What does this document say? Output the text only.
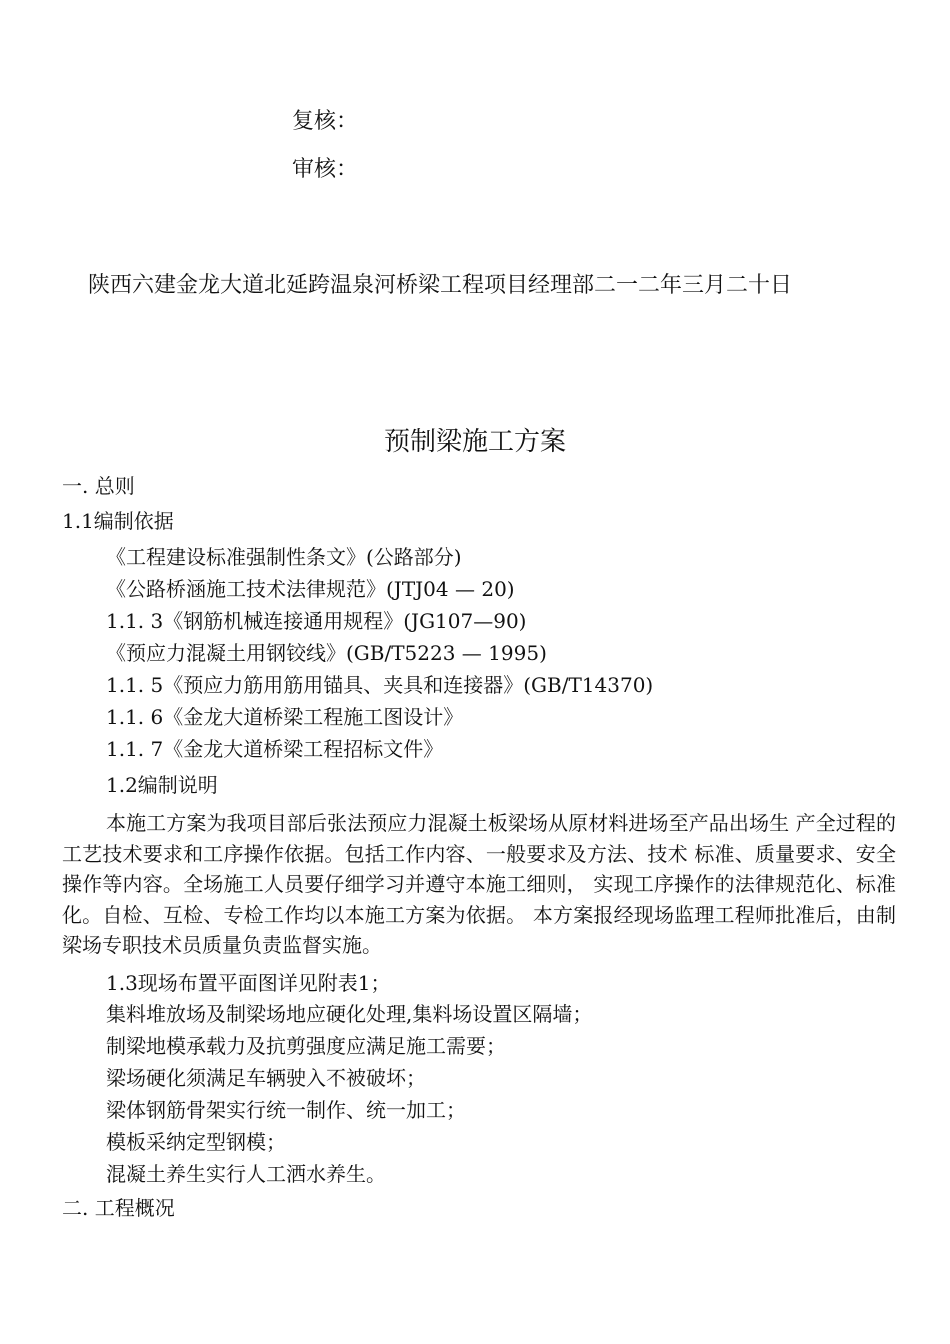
复核：
审核：
陕西六建金龙大道北延跨温泉河桥梁工程项目经理部二一二年三月二十日
预制梁施工方案
一. 总则
1.1编制依据
《工程建设标准强制性条文》(公路部分)
《公路桥涵施工技术法律规范》(JTJ04 — 20)
1.1. 3《钢筋机械连接通用规程》(JG107—90)
《预应力混凝土用钢铰线》(GB/T5223 — 1995)
1.1. 5《预应力筋用筋用锚具、夹具和连接器》(GB/T14370)
1.1. 6《金龙大道桥梁工程施工图设计》
1.1. 7《金龙大道桥梁工程招标文件》
1.2编制说明
本施工方案为我项目部后张法预应力混凝土板梁场从原材料进场至产品出场生 产全过程的工艺技术要求和工序操作依据。包括工作内容、一般要求及方法、技术 标准、质量要求、安全操作等内容。全场施工人员要仔细学习并遵守本施工细则， 实现工序操作的法律规范化、标准化。自检、互检、专检工作均以本施工方案为依据。 本方案报经现场监理工程师批准后，由制梁场专职技术员质量负责监督实施。
1.3现场布置平面图详见附表1；
集料堆放场及制梁场地应硬化处理,集料场设置区隔墙；
制梁地模承载力及抗剪强度应满足施工需要；
梁场硬化须满足车辆驶入不被破坏；
梁体钢筋骨架实行统一制作、统一加工；
模板采纳定型钢模；
混凝土养生实行人工洒水养生。
二. 工程概况
